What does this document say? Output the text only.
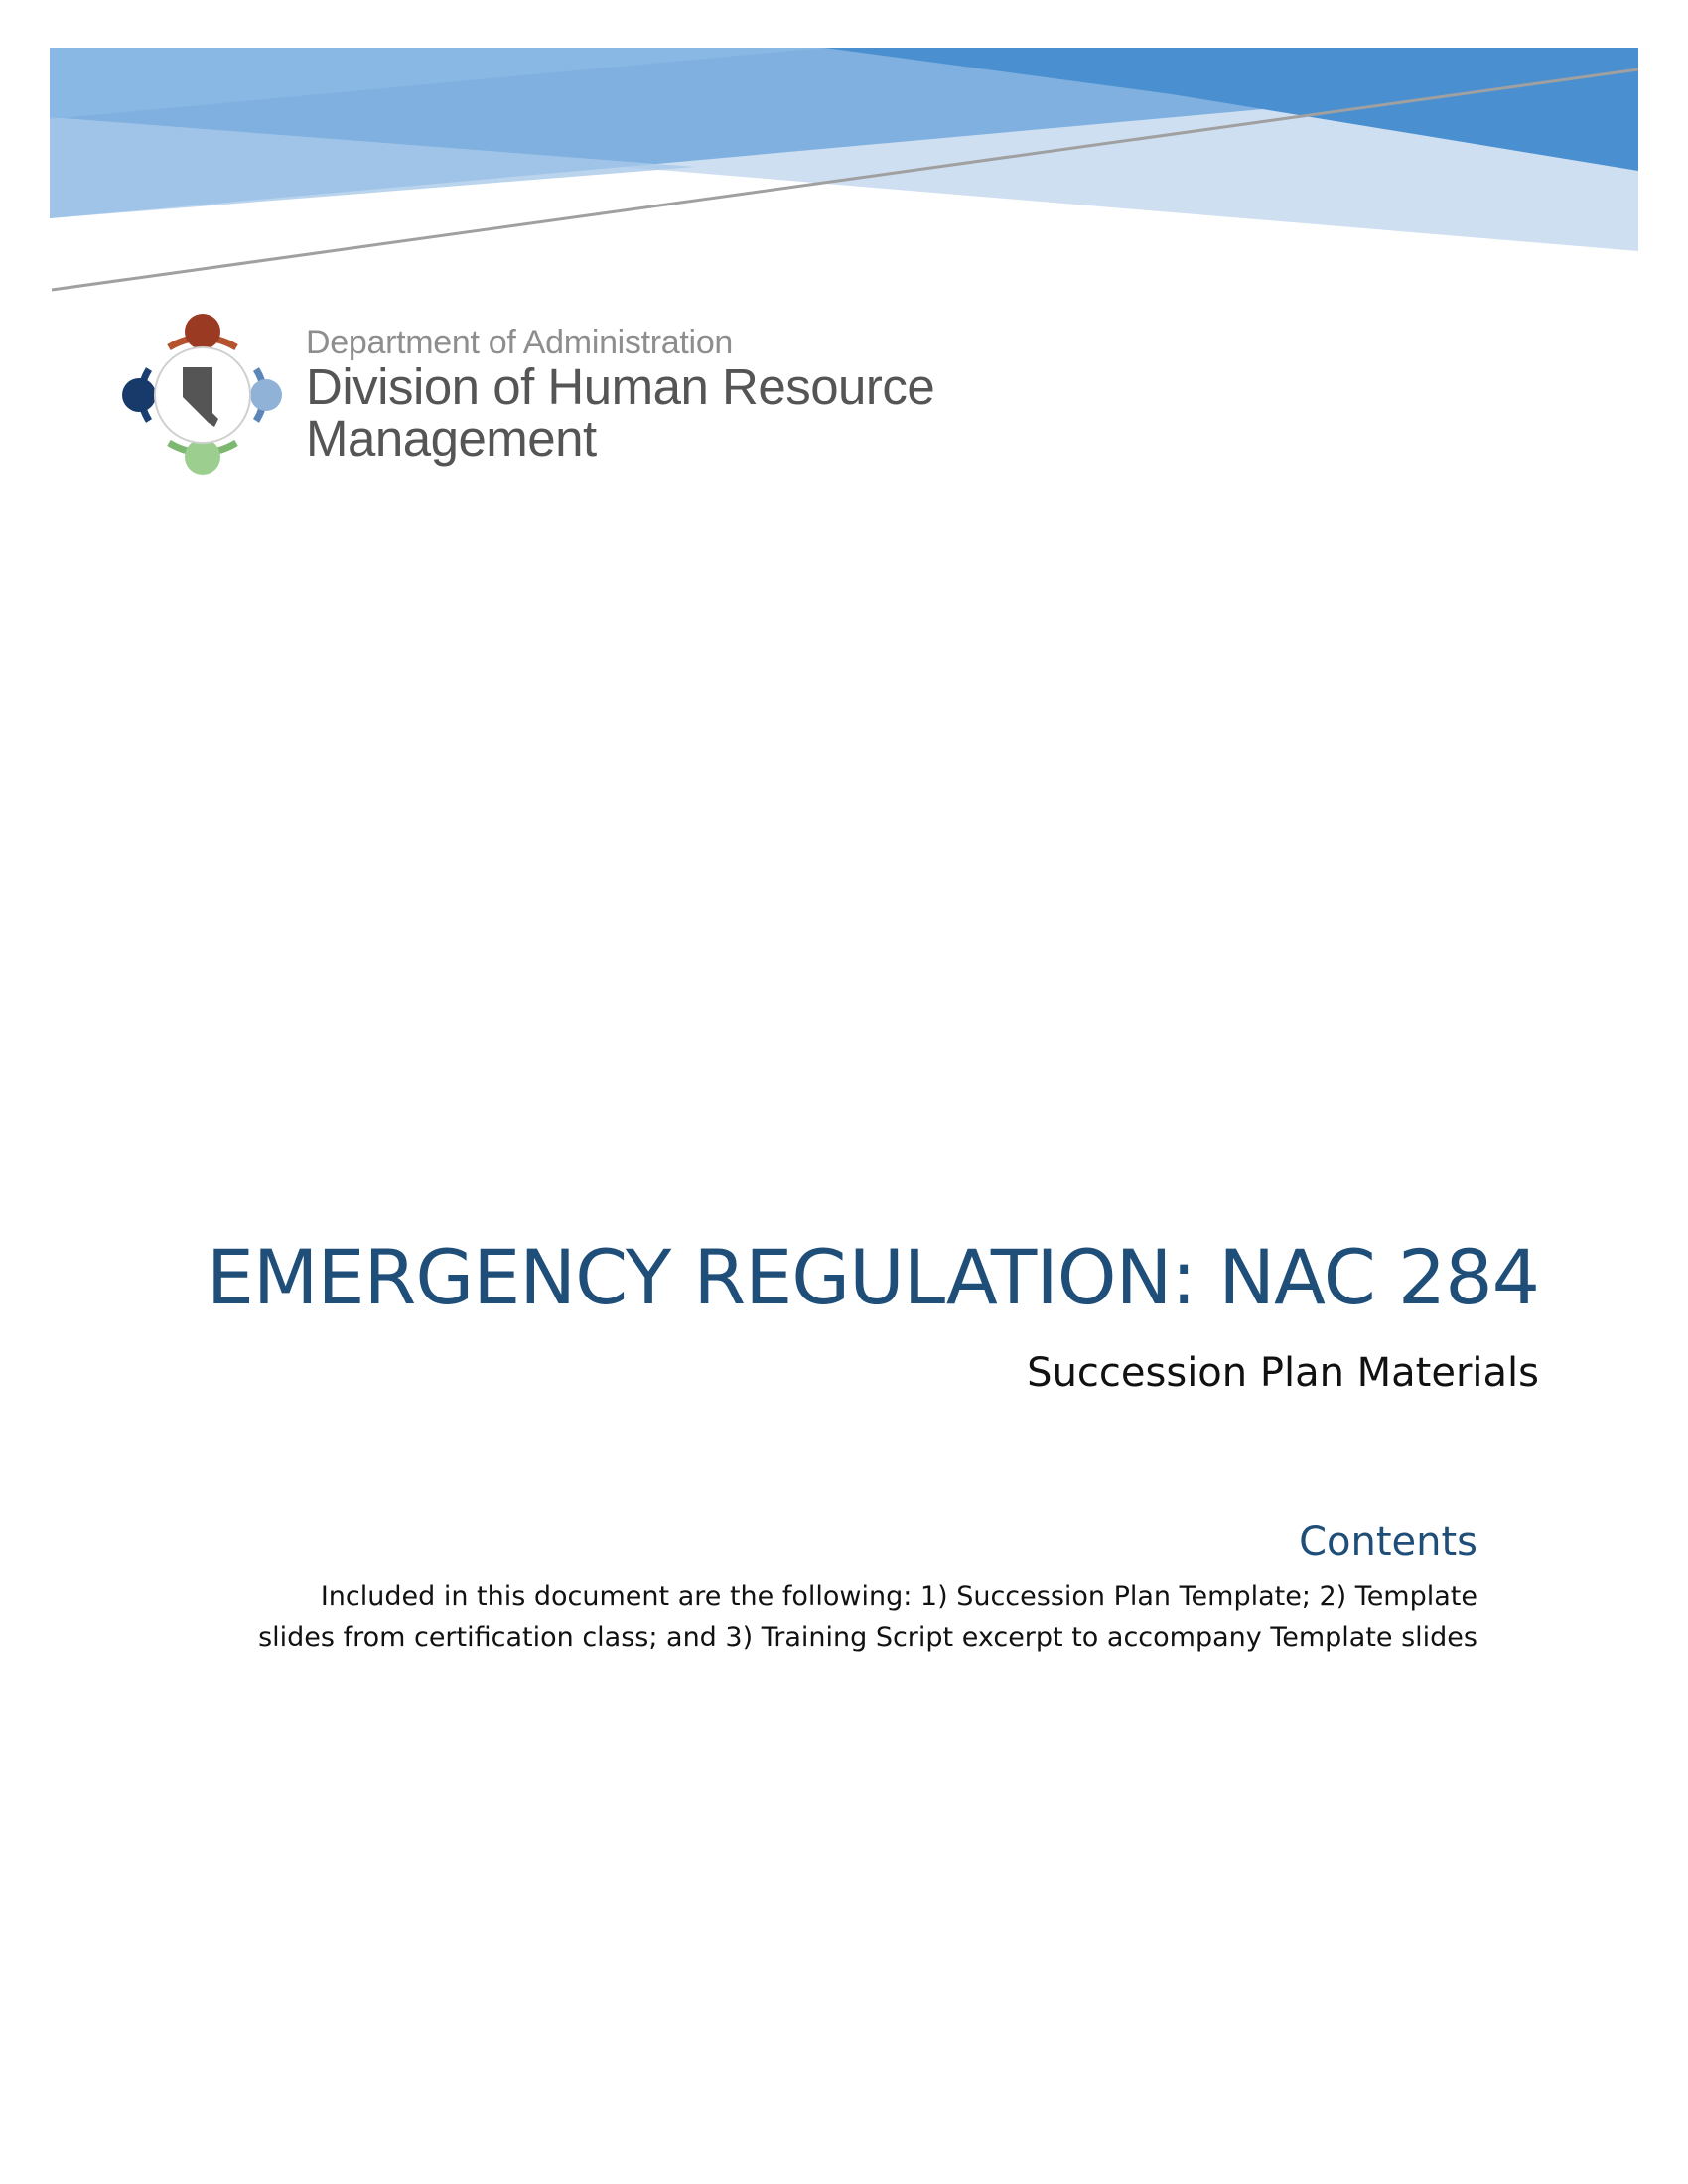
Department of Administration
Division of Human Resource
Management
EMERGENCY REGULATION: NAC 284
Succession Plan Materials
Contents
Included in this document are the following: 1) Succession Plan Template; 2) Template
slides from certification class; and 3) Training Script excerpt to accompany Template slides
